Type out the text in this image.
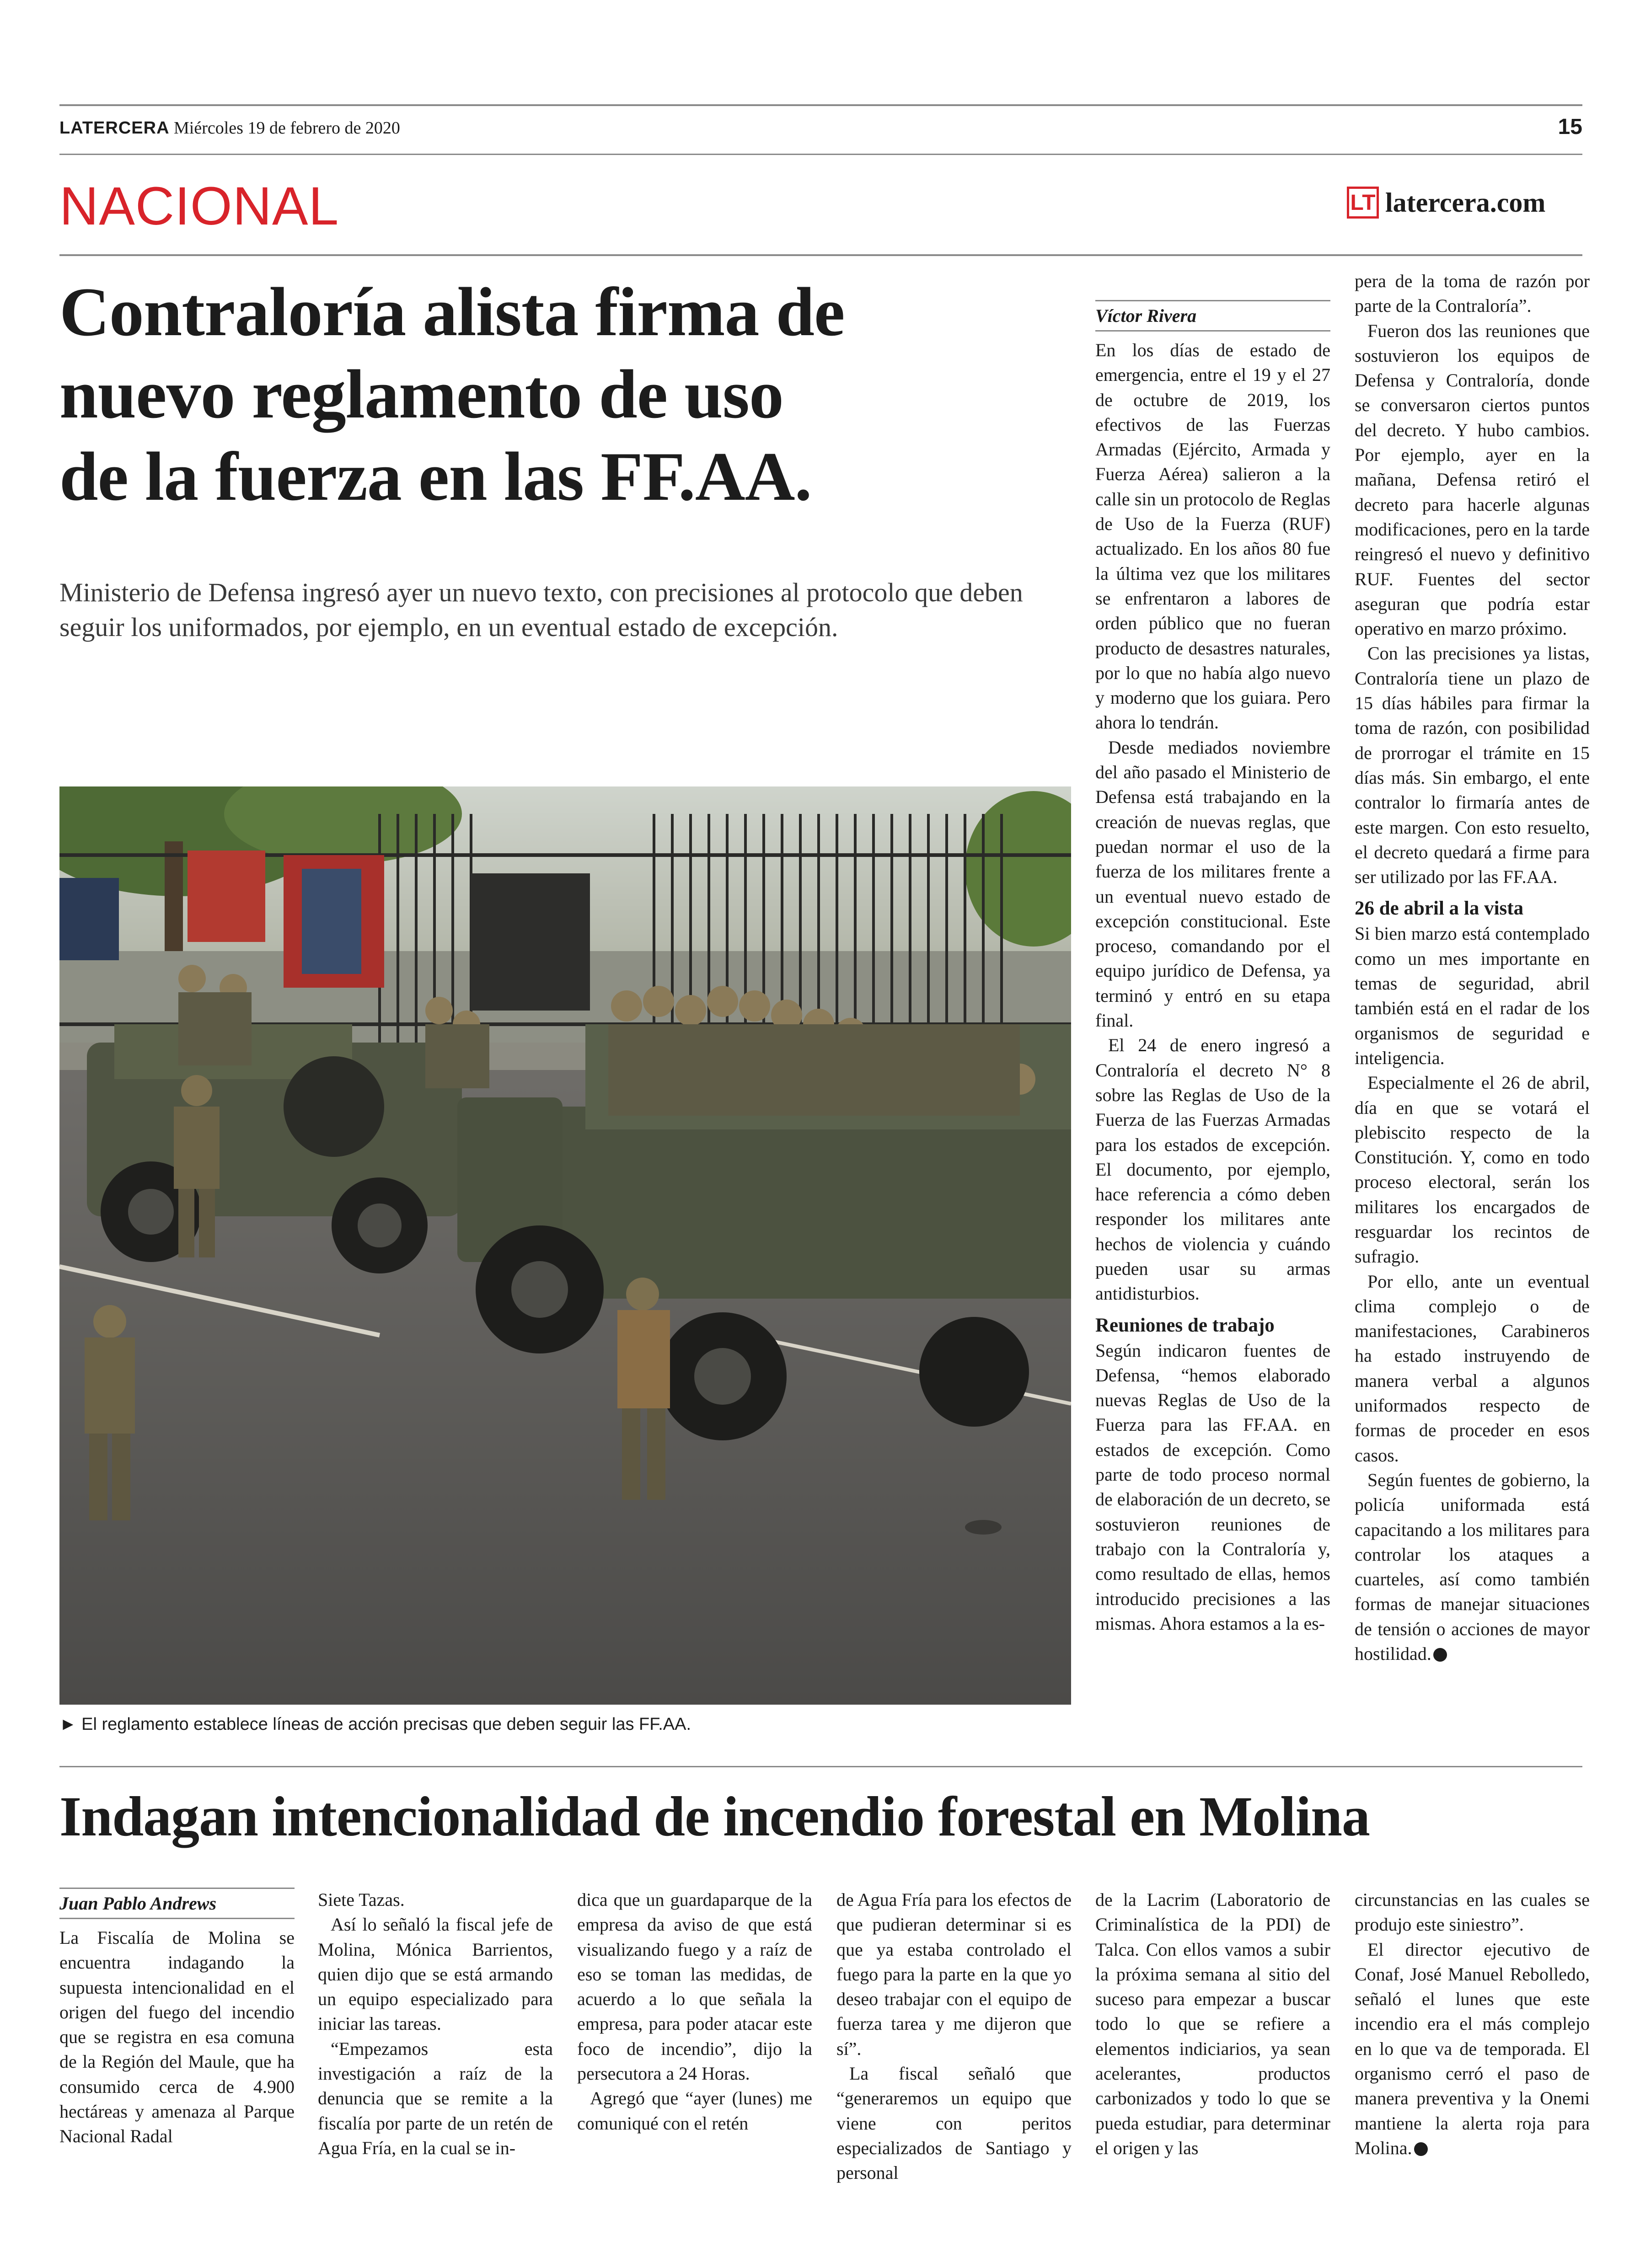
LATERCERA Miércoles 19 de febrero de 2020	15
NACIONAL	LT latercera.com
Contraloría alista firma de
nuevo reglamento de uso
de la fuerza en las FF.AA.
Ministerio de Defensa ingresó ayer un nuevo texto, con precisiones al protocolo que deben seguir los uniformados, por ejemplo, en un eventual estado de excepción.
► El reglamento establece líneas de acción precisas que deben seguir las FF.AA.
Víctor Rivera

En los días de estado de emergencia, entre el 19 y el 27 de octubre de 2019, los efectivos de las Fuerzas Armadas (Ejército, Armada y Fuerza Aérea) salieron a la calle sin un protocolo de Reglas de Uso de la Fuerza (RUF) actualizado. En los años 80 fue la última vez que los militares se enfrentaron a labores de orden público que no fueran producto de desastres naturales, por lo que no había algo nuevo y moderno que los guiara. Pero ahora lo tendrán.

Desde mediados noviembre del año pasado el Ministerio de Defensa está trabajando en la creación de nuevas reglas, que puedan normar el uso de la fuerza de los militares frente a un eventual nuevo estado de excepción constitucional. Este proceso, comandando por el equipo jurídico de Defensa, ya terminó y entró en su etapa final.

El 24 de enero ingresó a Contraloría el decreto N° 8 sobre las Reglas de Uso de la Fuerza de las Fuerzas Armadas para los estados de excepción. El documento, por ejemplo, hace referencia a cómo deben responder los militares ante hechos de violencia y cuándo pueden usar su armas antidisturbios.

Reuniones de trabajo

Según indicaron fuentes de Defensa, “hemos elaborado nuevas Reglas de Uso de la Fuerza para las FF.AA. en estados de excepción. Como parte de todo proceso normal de elaboración de un decreto, se sostuvieron reuniones de trabajo con la Contraloría y, como resultado de ellas, hemos introducido precisiones a las mismas. Ahora estamos a la es-

pera de la toma de razón por parte de la Contraloría”.

Fueron dos las reuniones que sostuvieron los equipos de Defensa y Contraloría, donde se conversaron ciertos puntos del decreto. Y hubo cambios. Por ejemplo, ayer en la mañana, Defensa retiró el decreto para hacerle algunas modificaciones, pero en la tarde reingresó el nuevo y definitivo RUF. Fuentes del sector aseguran que podría estar operativo en marzo próximo.

Con las precisiones ya listas, Contraloría tiene un plazo de 15 días hábiles para firmar la toma de razón, con posibilidad de prorrogar el trámite en 15 días más. Sin embargo, el ente contralor lo firmaría antes de este margen. Con esto resuelto, el decreto quedará a firme para ser utilizado por las FF.AA.

26 de abril a la vista

Si bien marzo está contemplado como un mes importante en temas de seguridad, abril también está en el radar de los organismos de seguridad e inteligencia.

Especialmente el 26 de abril, día en que se votará el plebiscito respecto de la Constitución. Y, como en todo proceso electoral, serán los militares los encargados de resguardar los recintos de sufragio.

Por ello, ante un eventual clima complejo o de manifestaciones, Carabineros ha estado instruyendo de manera verbal a algunos uniformados respecto de formas de proceder en esos casos.

Según fuentes de gobierno, la policía uniformada está capacitando a los militares para controlar los ataques a cuarteles, así como también formas de manejar situaciones de tensión o acciones de mayor hostilidad.

Indagan intencionalidad de incendio forestal en Molina
Juan Pablo Andrews

La Fiscalía de Molina se encuentra indagando la supuesta intencionalidad en el origen del fuego del incendio que se registra en esa comuna de la Región del Maule, que ha consumido cerca de 4.900 hectáreas y amenaza al Parque Nacional Radal

Siete Tazas.

Así lo señaló la fiscal jefe de Molina, Mónica Barrientos, quien dijo que se está armando un equipo especializado para iniciar las tareas.

“Empezamos esta investigación a raíz de la denuncia que se remite a la fiscalía por parte de un retén de Agua Fría, en la cual se in-

dica que un guardaparque de la empresa da aviso de que está visualizando fuego y a raíz de eso se toman las medidas, de acuerdo a lo que señala la empresa, para poder atacar este foco de incendio”, dijo la persecutora a 24 Horas.

Agregó que “ayer (lunes) me comuniqué con el retén

de Agua Fría para los efectos de que pudieran determinar si es que ya estaba controlado el fuego para la parte en la que yo deseo trabajar con el equipo de fuerza tarea y me dijeron que sí”.

La fiscal señaló que “generaremos un equipo que viene con peritos especializados de Santiago y personal

de la Lacrim (Laboratorio de Criminalística de la PDI) de Talca. Con ellos vamos a subir la próxima semana al sitio del suceso para empezar a buscar todo lo que se refiere a elementos indiciarios, ya sean acelerantes, productos carbonizados y todo lo que se pueda estudiar, para determinar el origen y las

circunstancias en las cuales se produjo este siniestro”.

El director ejecutivo de Conaf, José Manuel Rebolledo, señaló el lunes que este incendio era el más complejo en lo que va de temporada. El organismo cerró el paso de manera preventiva y la Onemi mantiene la alerta roja para Molina.
